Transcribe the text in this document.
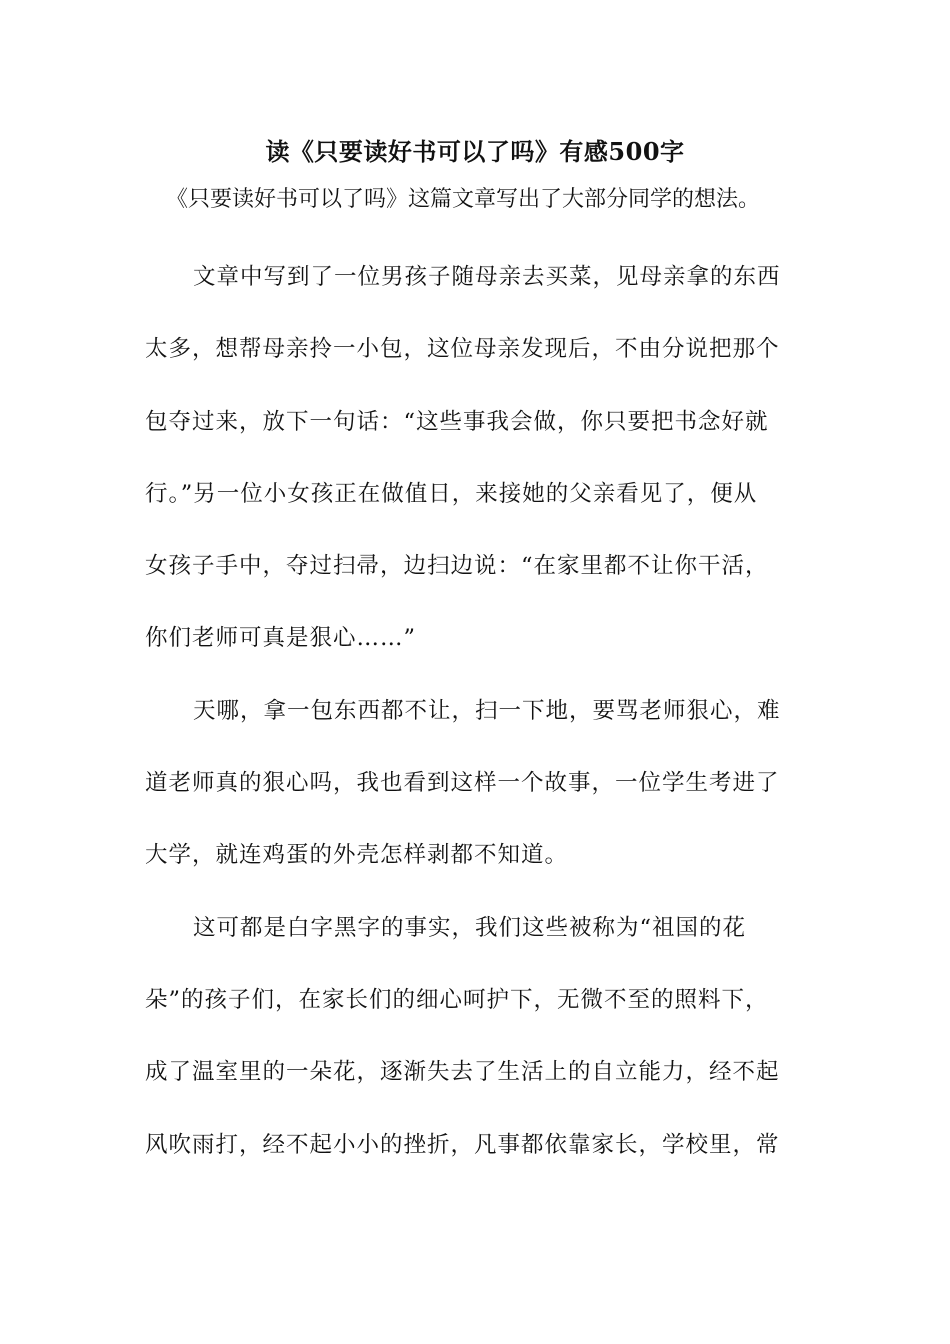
读《只要读好书可以了吗》有感500字
《只要读好书可以了吗》这篇文章写出了大部分同学的想法。
文章中写到了一位男孩子随母亲去买菜，见母亲拿的东西
太多，想帮母亲拎一小包，这位母亲发现后，不由分说把那个
包夺过来，放下一句话：“这些事我会做，你只要把书念好就
行。”另一位小女孩正在做值日，来接她的父亲看见了，便从
女孩子手中，夺过扫帚，边扫边说：“在家里都不让你干活，
你们老师可真是狠心……”
天哪，拿一包东西都不让，扫一下地，要骂老师狠心，难
道老师真的狠心吗，我也看到这样一个故事，一位学生考进了
大学，就连鸡蛋的外壳怎样剥都不知道。
这可都是白字黑字的事实，我们这些被称为“祖国的花
朵”的孩子们，在家长们的细心呵护下，无微不至的照料下，
成了温室里的一朵花，逐渐失去了生活上的自立能力，经不起
风吹雨打，经不起小小的挫折，凡事都依靠家长，学校里，常
